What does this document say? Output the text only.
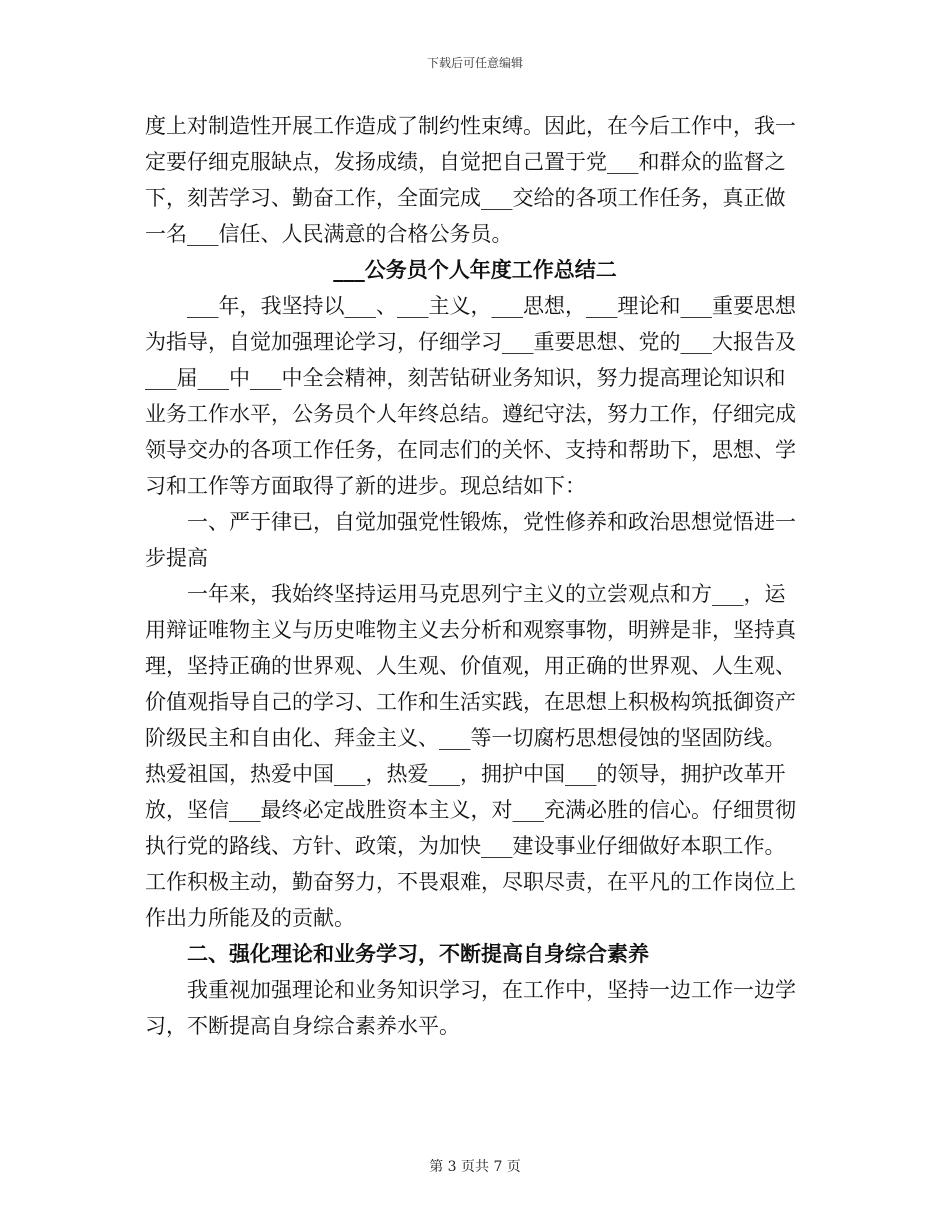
下载后可任意编辑

度上对制造性开展工作造成了制约性束缚。因此，在今后工作中，我一定要仔细克服缺点，发扬成绩，自觉把自己置于党___和群众的监督之下，刻苦学习、勤奋工作，全面完成___交给的各项工作任务，真正做一名___信任、人民满意的合格公务员。

___公务员个人年度工作总结二

___年，我坚持以___、___主义，___思想，___理论和___重要思想为指导，自觉加强理论学习，仔细学习___重要思想、党的___大报告及___届___中___中全会精神，刻苦钻研业务知识，努力提高理论知识和业务工作水平，公务员个人年终总结。遵纪守法，努力工作，仔细完成领导交办的各项工作任务，在同志们的关怀、支持和帮助下，思想、学习和工作等方面取得了新的进步。现总结如下：

一、严于律已，自觉加强党性锻炼，党性修养和政治思想觉悟进一步提高

一年来，我始终坚持运用马克思列宁主义的立尝观点和方___，运用辩证唯物主义与历史唯物主义去分析和观察事物，明辨是非，坚持真理，坚持正确的世界观、人生观、价值观，用正确的世界观、人生观、价值观指导自己的学习、工作和生活实践，在思想上积极构筑抵御资产阶级民主和自由化、拜金主义、___等一切腐朽思想侵蚀的坚固防线。热爱祖国，热爱中国___，热爱___，拥护中国___的领导，拥护改革开放，坚信___最终必定战胜资本主义，对___充满必胜的信心。仔细贯彻执行党的路线、方针、政策，为加快___建设事业仔细做好本职工作。工作积极主动，勤奋努力，不畏艰难，尽职尽责，在平凡的工作岗位上作出力所能及的贡献。

二、强化理论和业务学习，不断提高自身综合素养

我重视加强理论和业务知识学习，在工作中，坚持一边工作一边学习，不断提高自身综合素养水平。

第 3 页共 7 页
